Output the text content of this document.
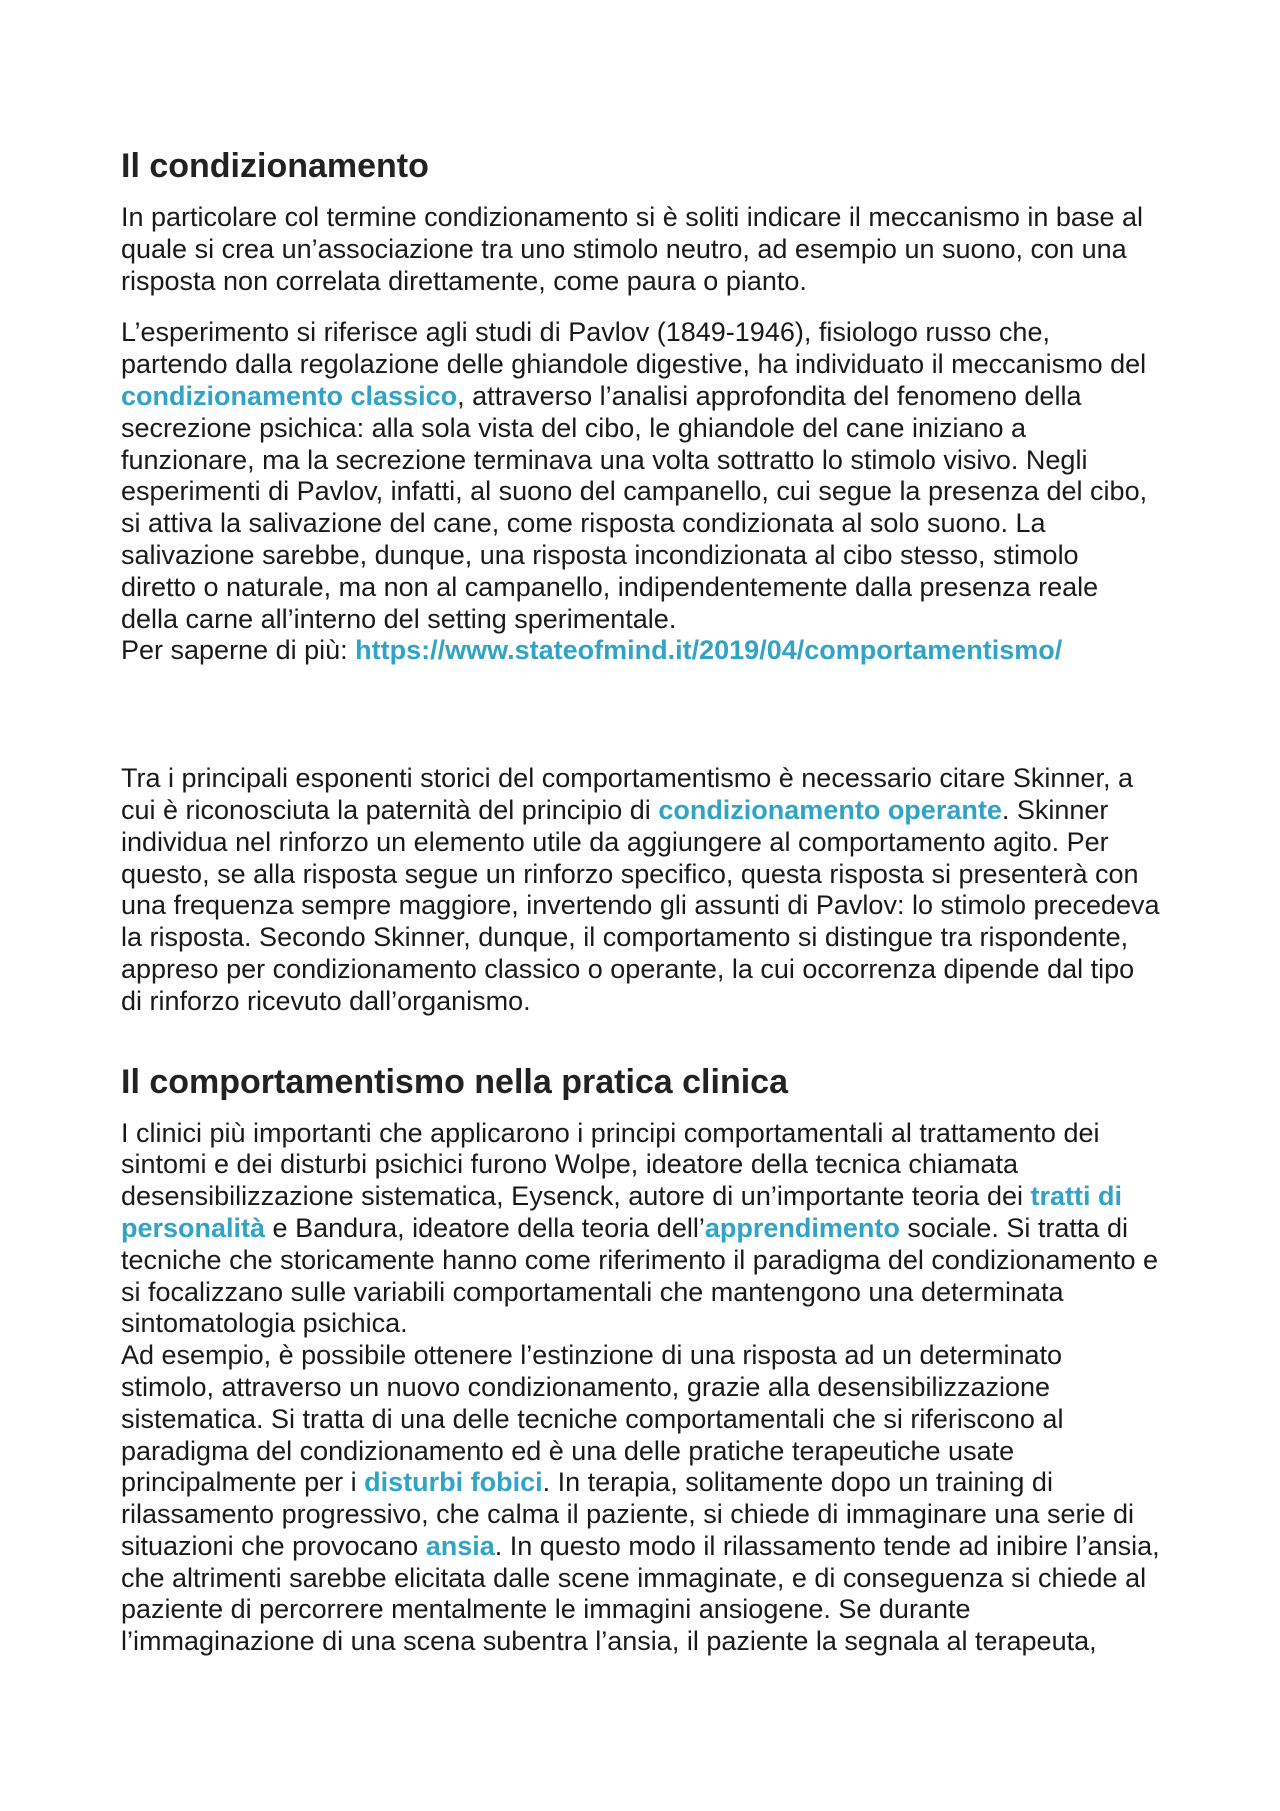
Il condizionamento

In particolare col termine condizionamento si è soliti indicare il meccanismo in base al quale si crea un’associazione tra uno stimolo neutro, ad esempio un suono, con una risposta non correlata direttamente, come paura o pianto.

L’esperimento si riferisce agli studi di Pavlov (1849-1946), fisiologo russo che, partendo dalla regolazione delle ghiandole digestive, ha individuato il meccanismo del condizionamento classico, attraverso l’analisi approfondita del fenomeno della secrezione psichica: alla sola vista del cibo, le ghiandole del cane iniziano a funzionare, ma la secrezione terminava una volta sottratto lo stimolo visivo. Negli esperimenti di Pavlov, infatti, al suono del campanello, cui segue la presenza del cibo, si attiva la salivazione del cane, come risposta condizionata al solo suono. La salivazione sarebbe, dunque, una risposta incondizionata al cibo stesso, stimolo diretto o naturale, ma non al campanello, indipendentemente dalla presenza reale della carne all’interno del setting sperimentale.
Per saperne di più: https://www.stateofmind.it/2019/04/comportamentismo/

Tra i principali esponenti storici del comportamentismo è necessario citare Skinner, a cui è riconosciuta la paternità del principio di condizionamento operante. Skinner individua nel rinforzo un elemento utile da aggiungere al comportamento agito. Per questo, se alla risposta segue un rinforzo specifico, questa risposta si presenterà con una frequenza sempre maggiore, invertendo gli assunti di Pavlov: lo stimolo precedeva la risposta. Secondo Skinner, dunque, il comportamento si distingue tra rispondente, appreso per condizionamento classico o operante, la cui occorrenza dipende dal tipo di rinforzo ricevuto dall’organismo.

Il comportamentismo nella pratica clinica

I clinici più importanti che applicarono i principi comportamentali al trattamento dei sintomi e dei disturbi psichici furono Wolpe, ideatore della tecnica chiamata desensibilizzazione sistematica, Eysenck, autore di un’importante teoria dei tratti di personalità e Bandura, ideatore della teoria dell’apprendimento sociale. Si tratta di tecniche che storicamente hanno come riferimento il paradigma del condizionamento e si focalizzano sulle variabili comportamentali che mantengono una determinata sintomatologia psichica.
Ad esempio, è possibile ottenere l’estinzione di una risposta ad un determinato stimolo, attraverso un nuovo condizionamento, grazie alla desensibilizzazione sistematica. Si tratta di una delle tecniche comportamentali che si riferiscono al paradigma del condizionamento ed è una delle pratiche terapeutiche usate principalmente per i disturbi fobici. In terapia, solitamente dopo un training di rilassamento progressivo, che calma il paziente, si chiede di immaginare una serie di situazioni che provocano ansia. In questo modo il rilassamento tende ad inibire l’ansia, che altrimenti sarebbe elicitata dalle scene immaginate, e di conseguenza si chiede al paziente di percorrere mentalmente le immagini ansiogene. Se durante l’immaginazione di una scena subentra l’ansia, il paziente la segnala al terapeuta,
